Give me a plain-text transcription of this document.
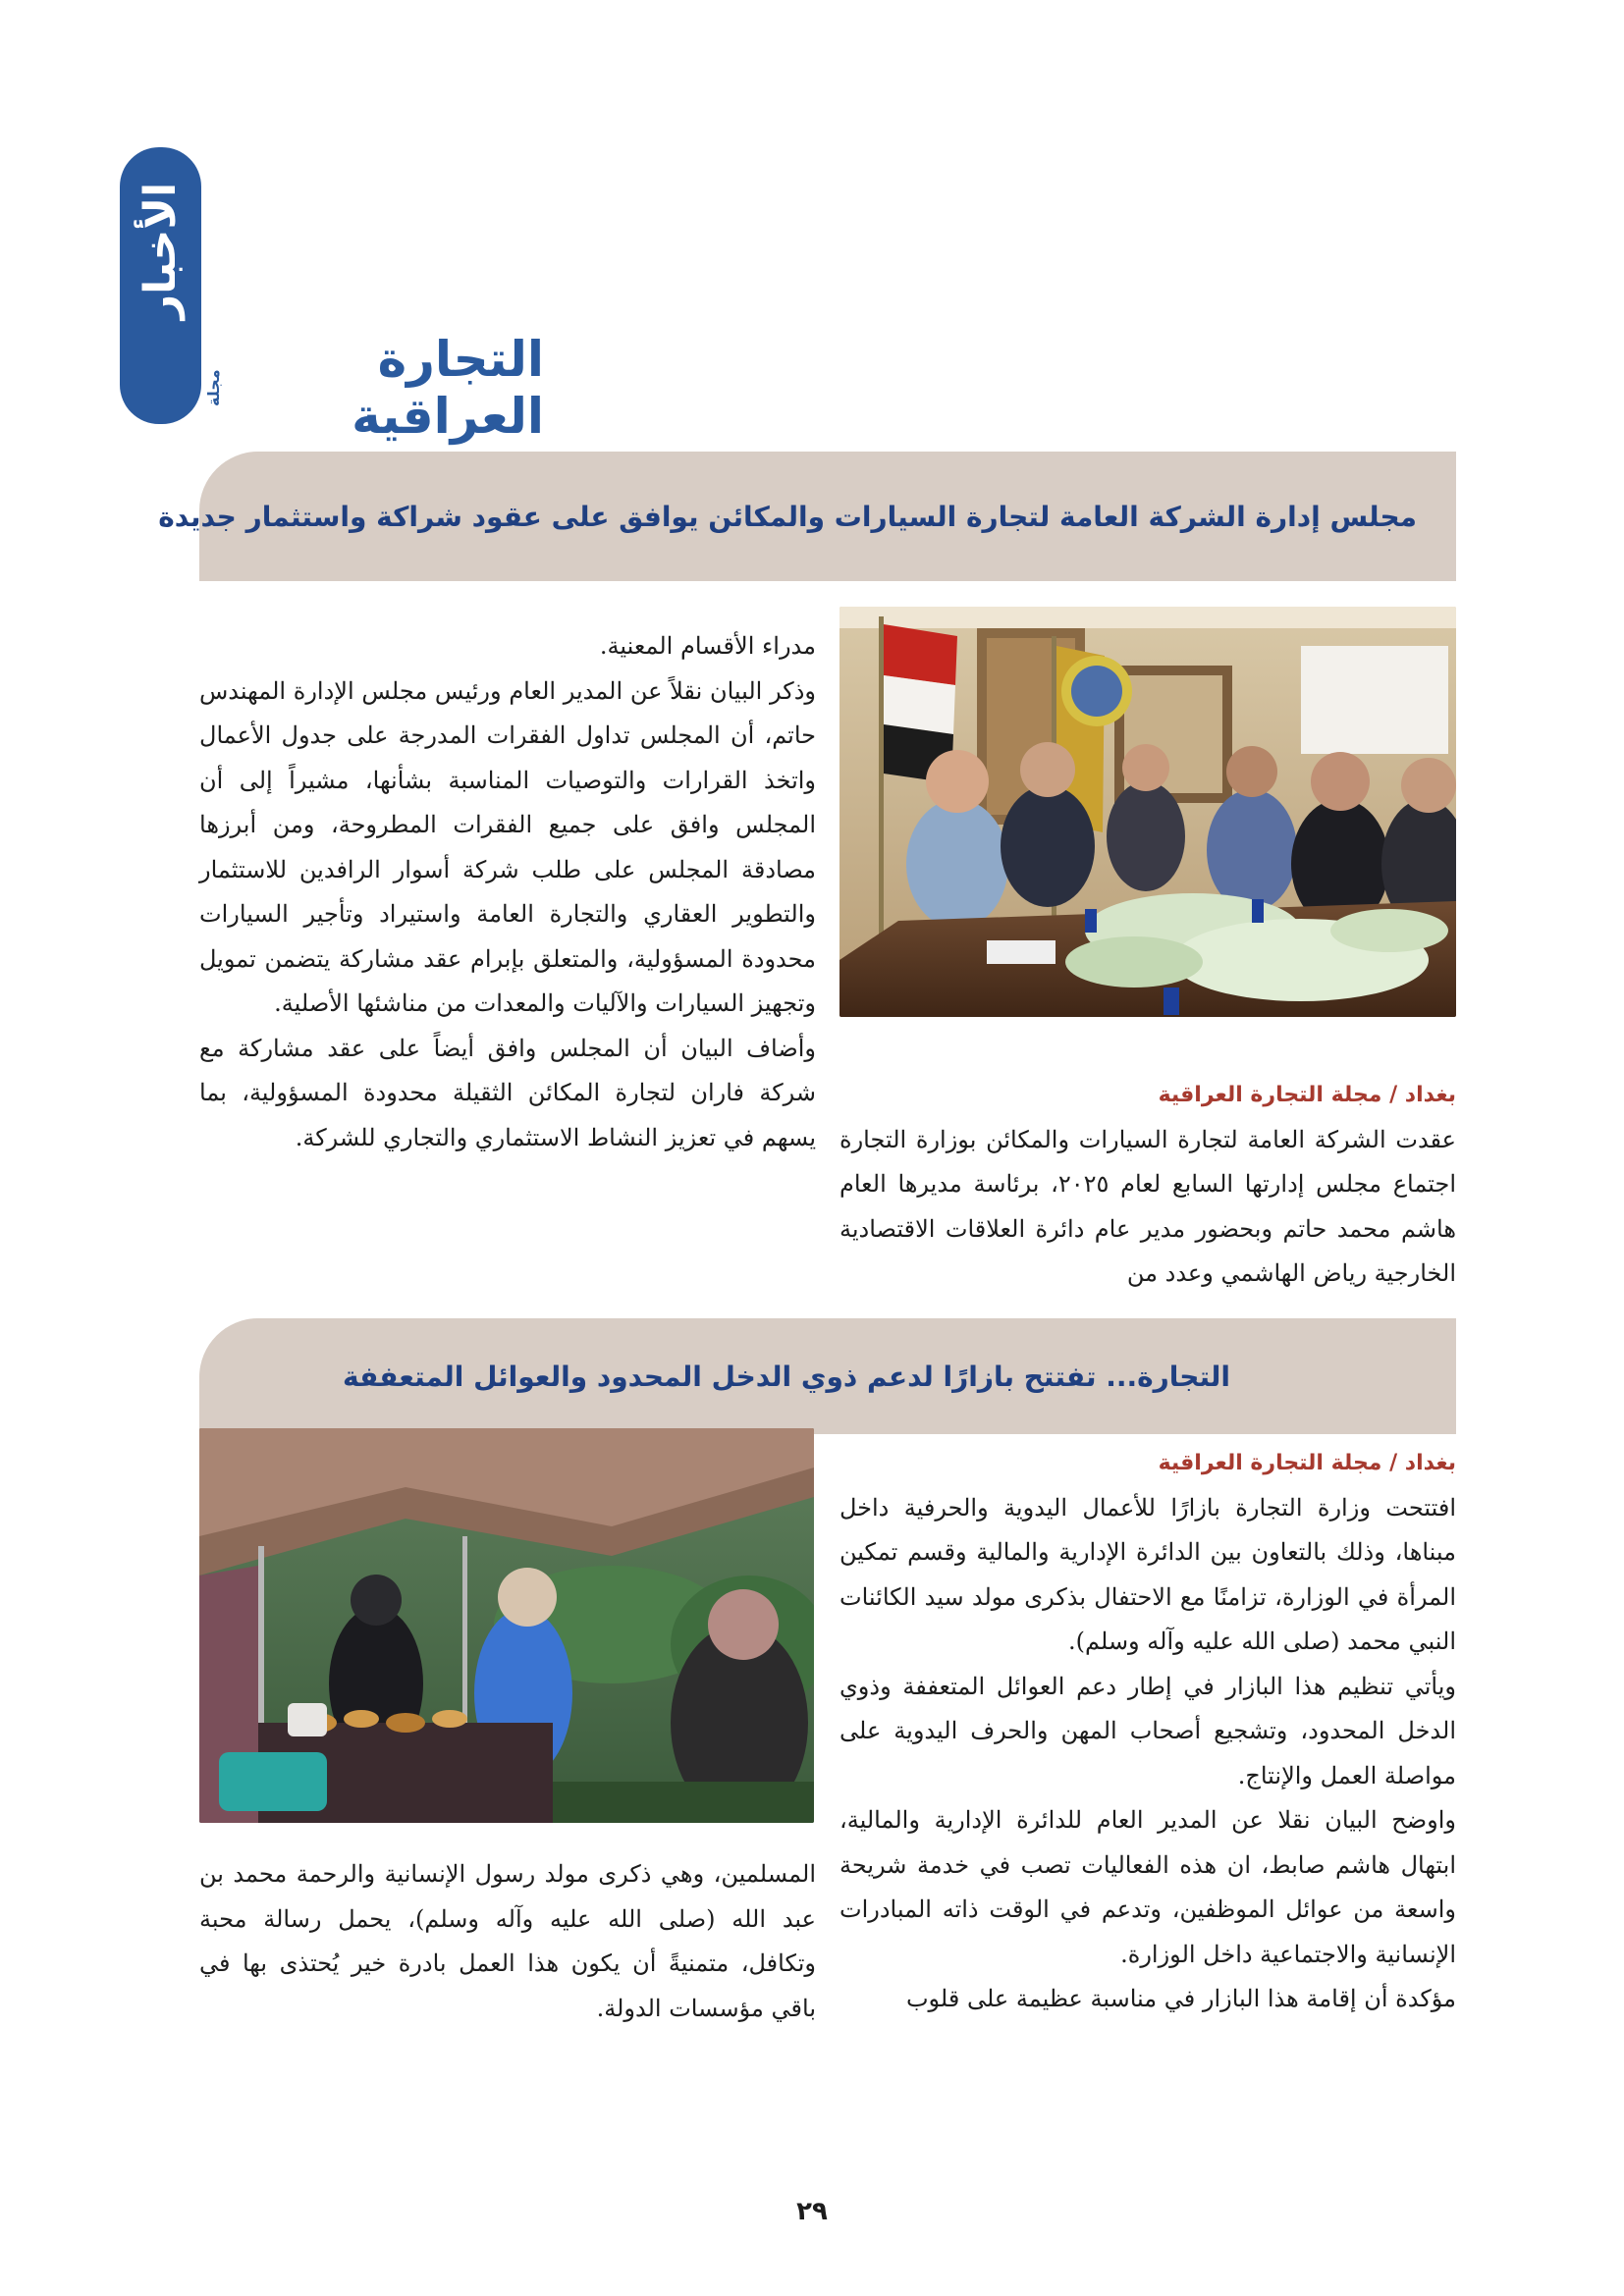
الأخبار
التجارة العراقية
مجلة
مجلس إدارة الشركة العامة لتجارة السيارات والمكائن يوافق على عقود شراكة واستثمار جديدة

مدراء الأقسام المعنية.

وذكر البيان نقلاً عن المدير العام ورئيس مجلس الإدارة المهندس حاتم، أن المجلس تداول الفقرات المدرجة على جدول الأعمال واتخذ القرارات والتوصيات المناسبة بشأنها، مشيراً إلى أن المجلس وافق على جميع الفقرات المطروحة، ومن أبرزها مصادقة المجلس على طلب شركة أسوار الرافدين للاستثمار والتطوير العقاري والتجارة العامة واستيراد وتأجير السيارات محدودة المسؤولية، والمتعلق بإبرام عقد مشاركة يتضمن تمويل وتجهيز السيارات والآليات والمعدات من مناشئها الأصلية.

وأضاف البيان أن المجلس وافق أيضاً على عقد مشاركة مع شركة فاران لتجارة المكائن الثقيلة محدودة المسؤولية، بما يسهم في تعزيز النشاط الاستثماري والتجاري للشركة.

بغداد / مجلة التجارة العراقية

عقدت الشركة العامة لتجارة السيارات والمكائن بوزارة التجارة اجتماع مجلس إدارتها السابع لعام ٢٠٢٥، برئاسة مديرها العام هاشم محمد حاتم وبحضور مدير عام دائرة العلاقات الاقتصادية الخارجية رياض الهاشمي وعدد من

التجارة... تفتتح بازارًا لدعم ذوي الدخل المحدود والعوائل المتعففة

بغداد / مجلة التجارة العراقية

افتتحت وزارة التجارة بازارًا للأعمال اليدوية والحرفية داخل مبناها، وذلك بالتعاون بين الدائرة الإدارية والمالية وقسم تمكين المرأة في الوزارة، تزامنًا مع الاحتفال بذكرى مولد سيد الكائنات النبي محمد (صلى الله عليه وآله وسلم).

ويأتي تنظيم هذا البازار في إطار دعم العوائل المتعففة وذوي الدخل المحدود، وتشجيع أصحاب المهن والحرف اليدوية على مواصلة العمل والإنتاج.

واوضح البيان نقلا عن المدير العام للدائرة الإدارية والمالية، ابتهال هاشم صابط، ان هذه الفعاليات تصب في خدمة شريحة واسعة من عوائل الموظفين، وتدعم في الوقت ذاته المبادرات الإنسانية والاجتماعية داخل الوزارة.

مؤكدة أن إقامة هذا البازار في مناسبة عظيمة على قلوب

المسلمين، وهي ذكرى مولد رسول الإنسانية والرحمة محمد بن عبد الله (صلى الله عليه وآله وسلم)، يحمل رسالة محبة وتكافل، متمنيةً أن يكون هذا العمل بادرة خير يُحتذى بها في باقي مؤسسات الدولة.

٢٩
